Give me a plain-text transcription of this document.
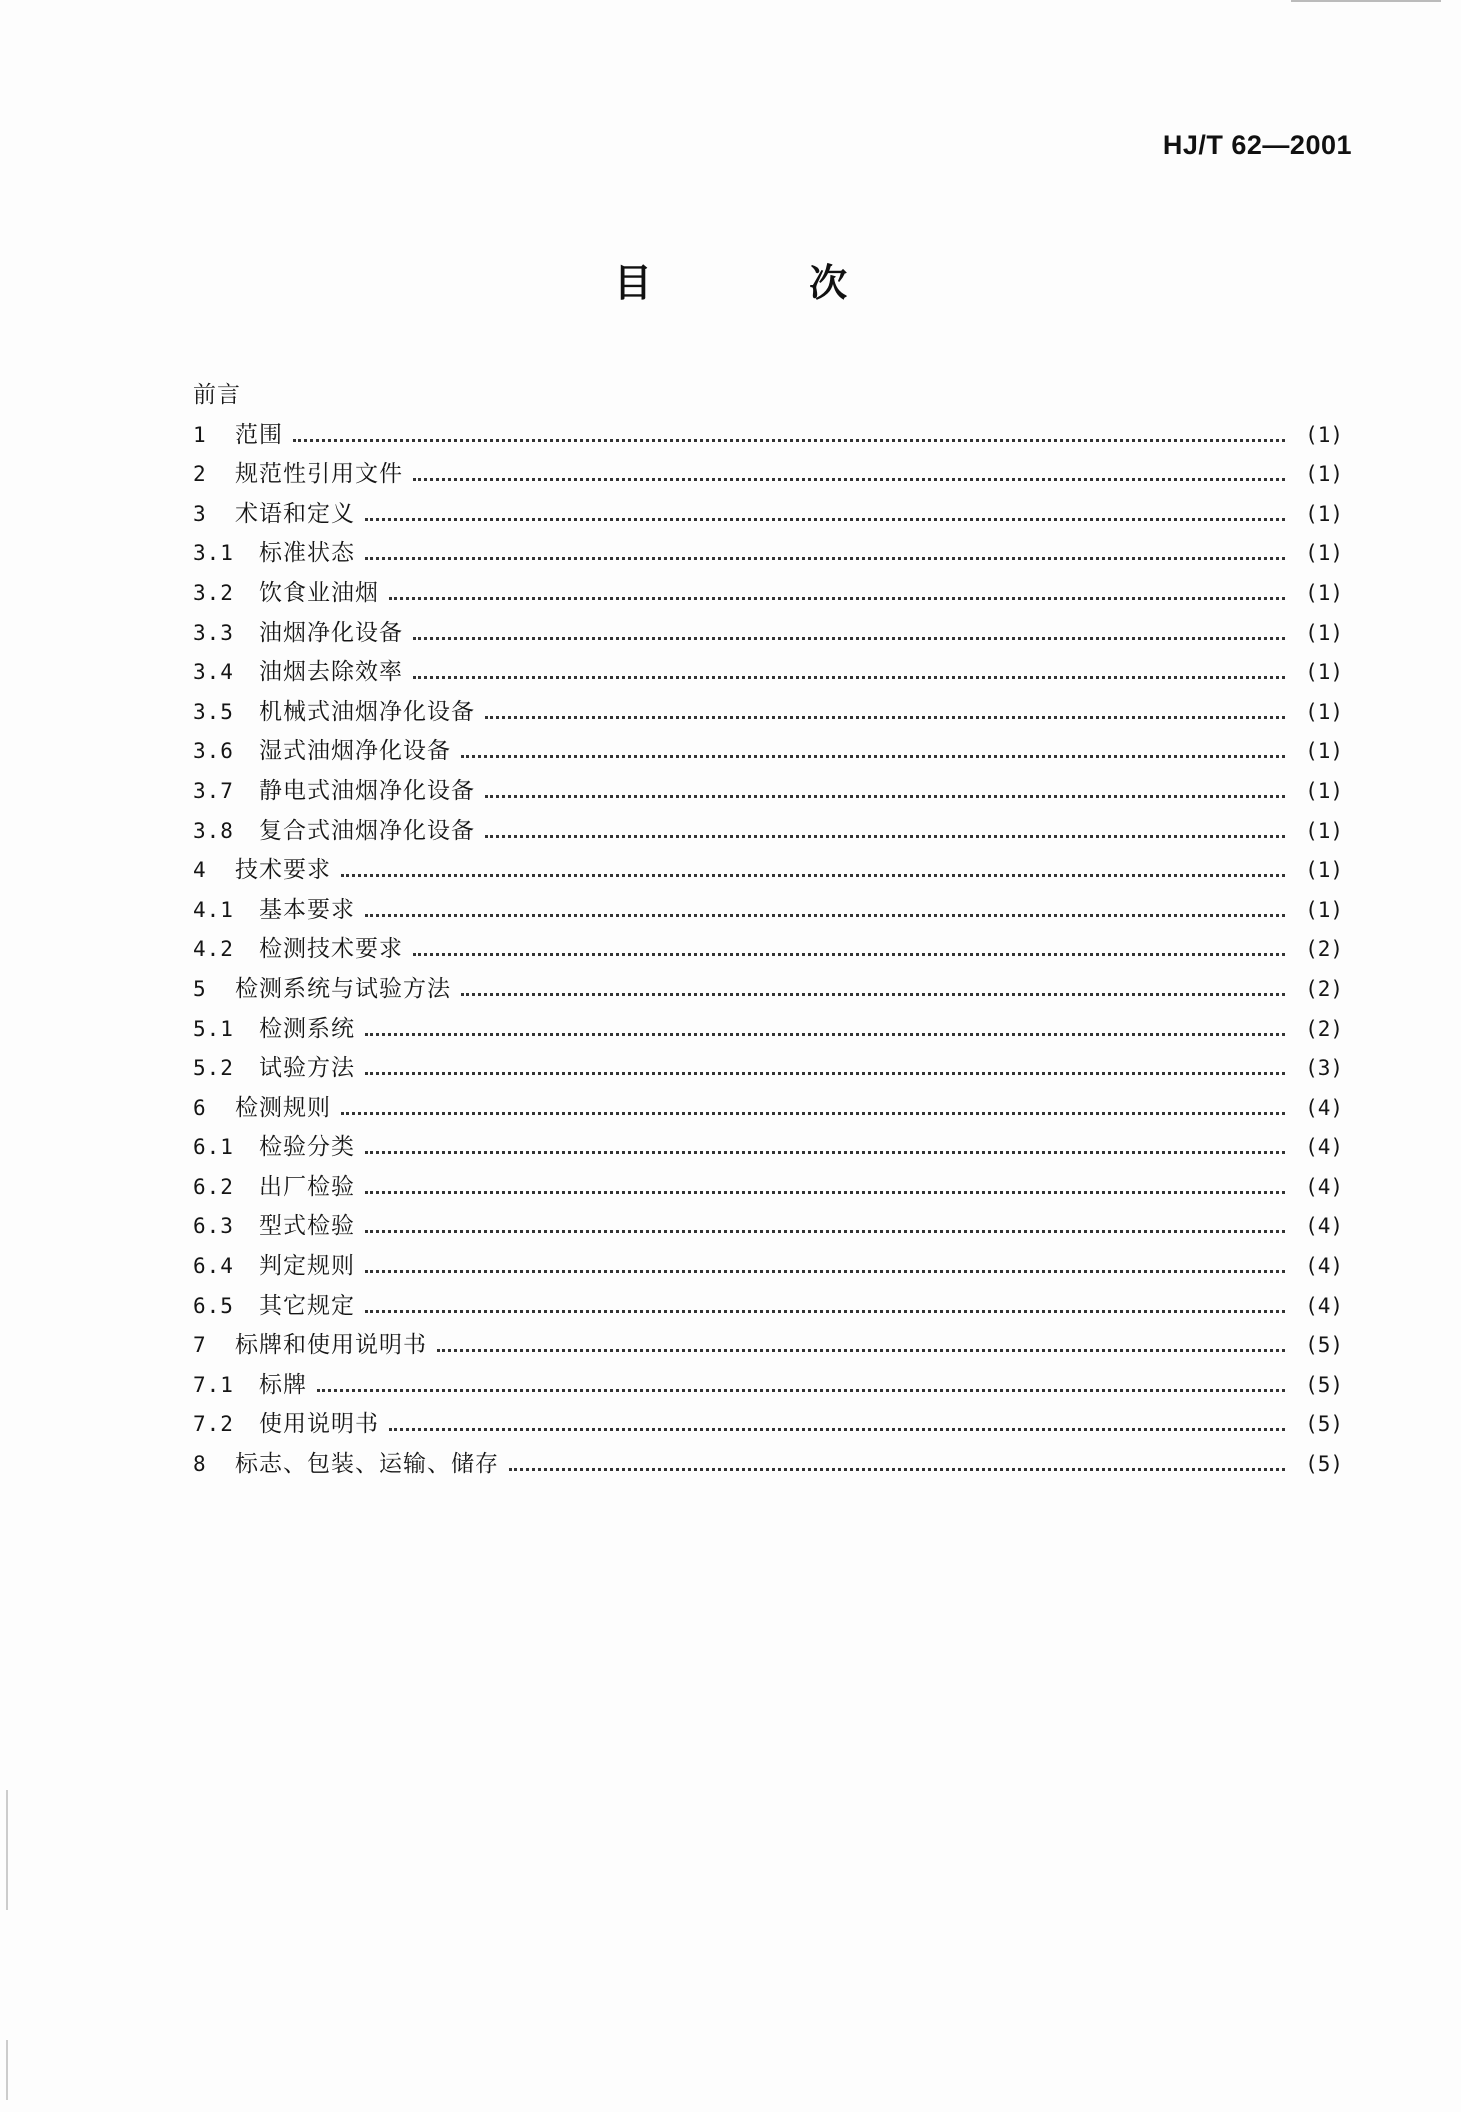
HJ/T 62—2001
目 次
前言
1	范围	(1)
2	规范性引用文件	(1)
3	术语和定义	(1)
3.1	标准状态	(1)
3.2	饮食业油烟	(1)
3.3	油烟净化设备	(1)
3.4	油烟去除效率	(1)
3.5	机械式油烟净化设备	(1)
3.6	湿式油烟净化设备	(1)
3.7	静电式油烟净化设备	(1)
3.8	复合式油烟净化设备	(1)
4	技术要求	(1)
4.1	基本要求	(1)
4.2	检测技术要求	(2)
5	检测系统与试验方法	(2)
5.1	检测系统	(2)
5.2	试验方法	(3)
6	检测规则	(4)
6.1	检验分类	(4)
6.2	出厂检验	(4)
6.3	型式检验	(4)
6.4	判定规则	(4)
6.5	其它规定	(4)
7	标牌和使用说明书	(5)
7.1	标牌	(5)
7.2	使用说明书	(5)
8	标志、包装、运输、储存	(5)
